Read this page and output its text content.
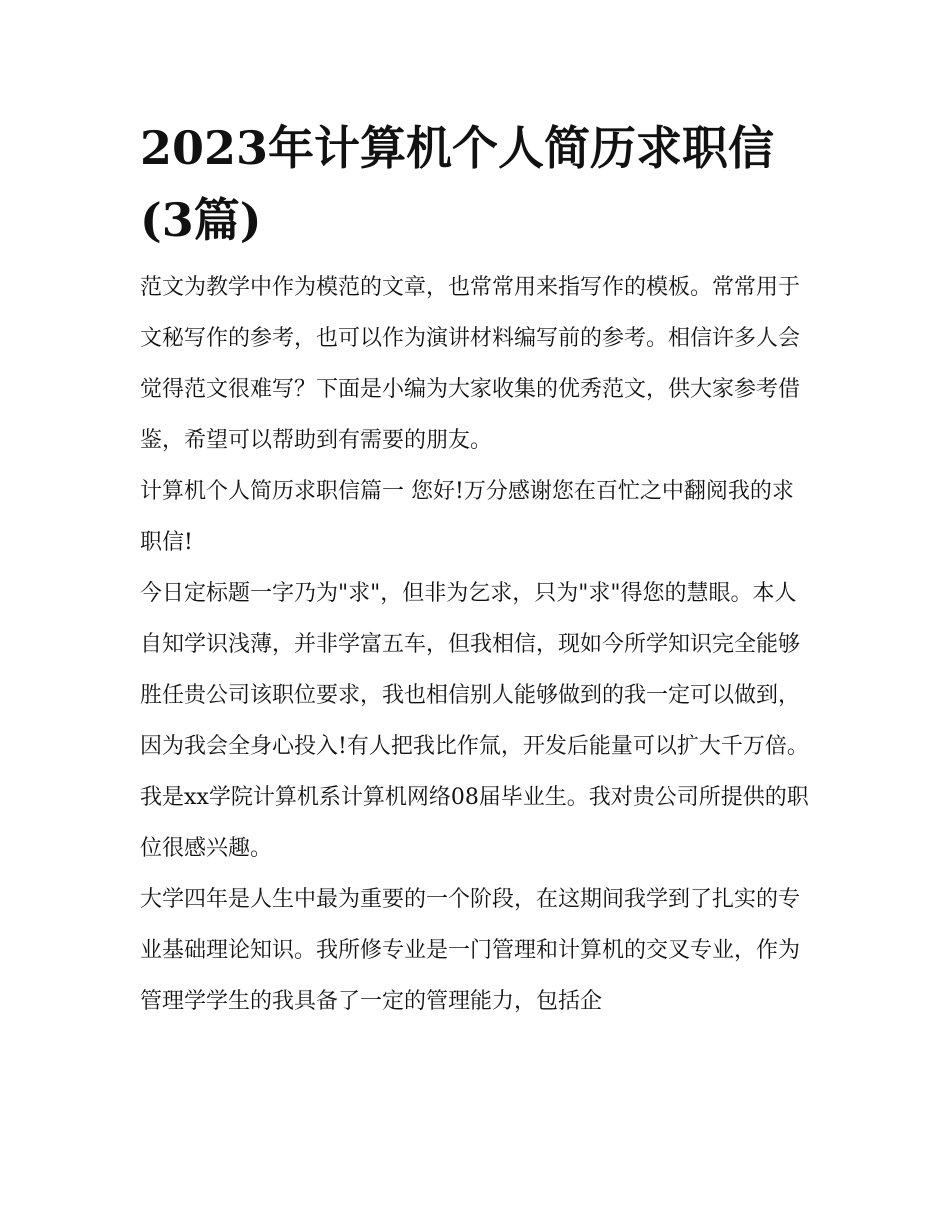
2023年计算机个人简历求职信(3篇)

范文为教学中作为模范的文章，也常常用来指写作的模板。常常用于文秘写作的参考，也可以作为演讲材料编写前的参考。相信许多人会觉得范文很难写？下面是小编为大家收集的优秀范文，供大家参考借鉴，希望可以帮助到有需要的朋友。

计算机个人简历求职信篇一 您好!万分感谢您在百忙之中翻阅我的求职信!

今日定标题一字乃为"求"，但非为乞求，只为"求"得您的慧眼。本人自知学识浅薄，并非学富五车，但我相信，现如今所学知识完全能够胜任贵公司该职位要求，我也相信别人能够做到的我一定可以做到，因为我会全身心投入!有人把我比作氚，开发后能量可以扩大千万倍。

我是xx学院计算机系计算机网络08届毕业生。我对贵公司所提供的职位很感兴趣。

大学四年是人生中最为重要的一个阶段，在这期间我学到了扎实的专业基础理论知识。我所修专业是一门管理和计算机的交叉专业，作为管理学学生的我具备了一定的管理能力，包括企
